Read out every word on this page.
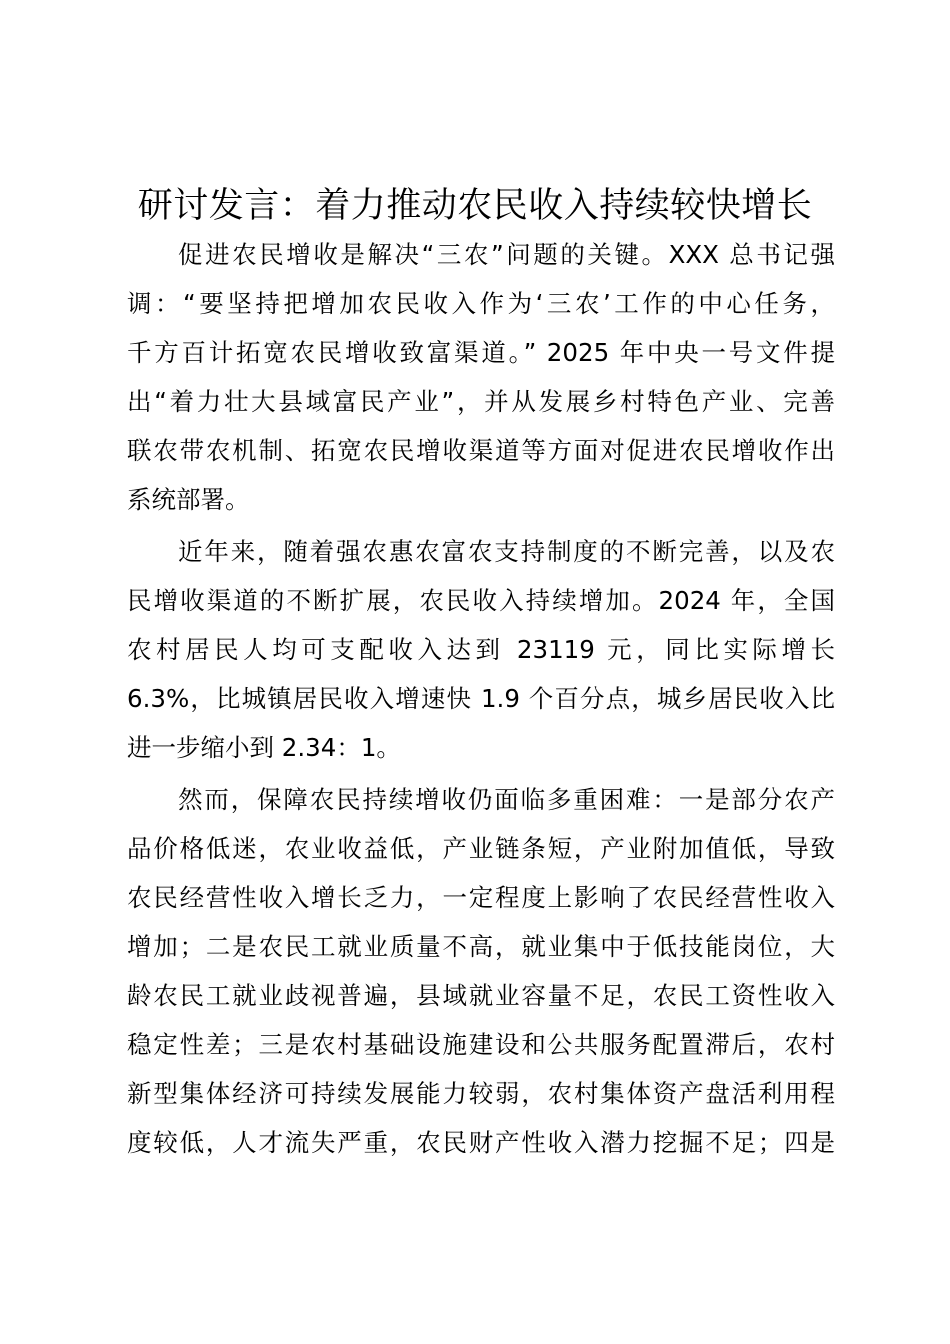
研讨发言：着力推动农民收入持续较快增长

促进农民增收是解决“三农”问题的关键。XXX 总书记强
调：“要坚持把增加农民收入作为‘三农’工作的中心任务，
千方百计拓宽农民增收致富渠道。” 2025 年中央一号文件提
出“着力壮大县域富民产业”，并从发展乡村特色产业、完善
联农带农机制、拓宽农民增收渠道等方面对促进农民增收作出
系统部署。

近年来，随着强农惠农富农支持制度的不断完善，以及农
民增收渠道的不断扩展，农民收入持续增加。2024 年，全国
农村居民人均可支配收入达到 23119 元，同比实际增长
6.3%，比城镇居民收入增速快 1.9 个百分点，城乡居民收入比
进一步缩小到 2.34：1。

然而，保障农民持续增收仍面临多重困难：一是部分农产
品价格低迷，农业收益低，产业链条短，产业附加值低，导致
农民经营性收入增长乏力，一定程度上影响了农民经营性收入
增加；二是农民工就业质量不高，就业集中于低技能岗位，大
龄农民工就业歧视普遍，县域就业容量不足，农民工资性收入
稳定性差；三是农村基础设施建设和公共服务配置滞后，农村
新型集体经济可持续发展能力较弱，农村集体资产盘活利用程
度较低，人才流失严重，农民财产性收入潜力挖掘不足；四是
